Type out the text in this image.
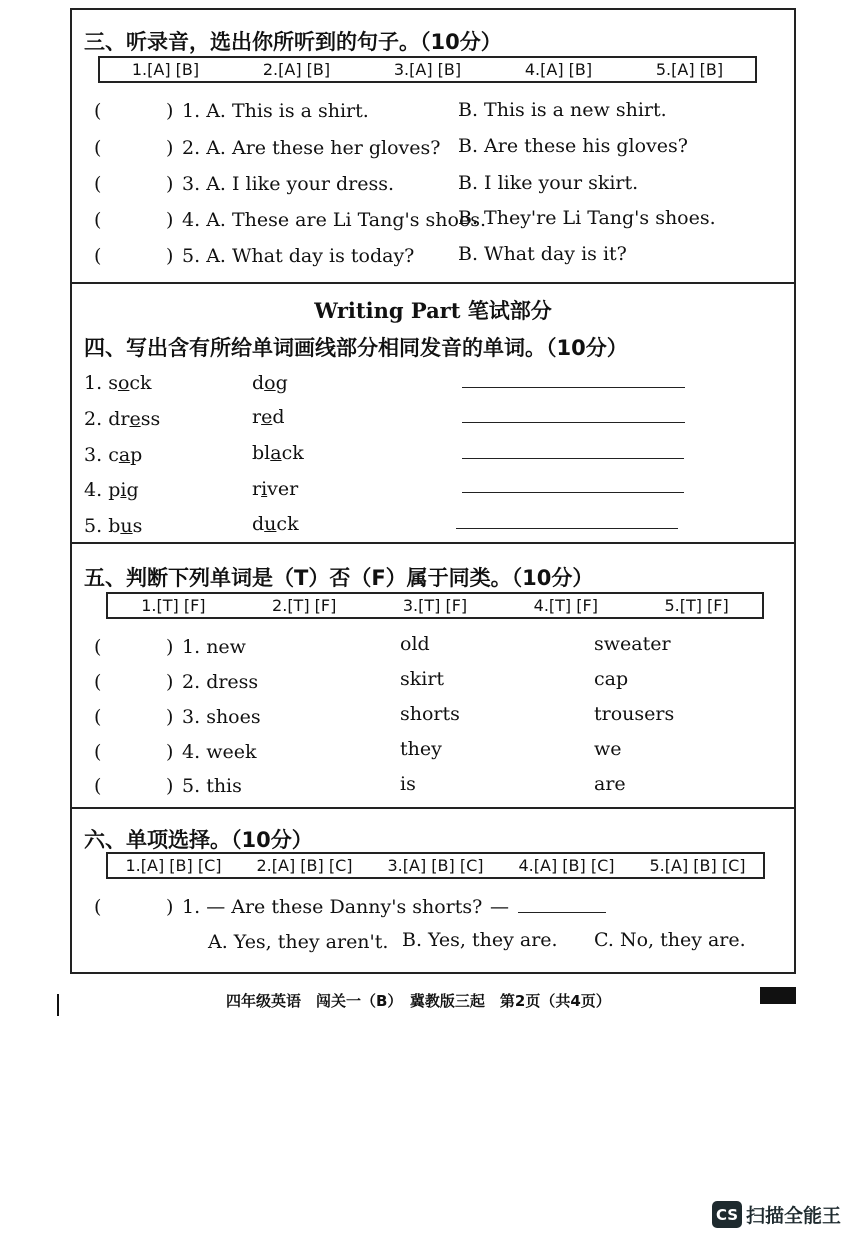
三、听录音，选出你所听到的句子。（10分）
1.[A] [B]	2.[A] [B]	3.[A] [B]	4.[A] [B]	5.[A] [B]
(	) 1. A. This is a shirt.	B. This is a new shirt.
(	) 2. A. Are these her gloves? B. Are these his gloves?
(	) 3. A. I like your dress.	B. I like your skirt.
(	) 4. A. These are Li Tang's shoes.
B. They're Li Tang's shoes.
(	) 5. A. What day is today? B. What day is it?
Writing Part 笔试部分
四、写出含有所给单词画线部分相同发音的单词。（10分）
1. sock	dog
2. dress	red
3. cap	black
4. pig	river
5. bus	duck
五、判断下列单词是（T）否（F）属于同类。（10分）
1.[T] [F]	2.[T] [F]	3.[T] [F]	4.[T] [F]	5.[T] [F]
(	) 1. new	old	sweater
(	) 2. dress	skirt	cap
(	) 3. shoes	shorts	trousers
(	) 4. week	they	we
(	) 5. this	is	are
六、单项选择。（10分）
1.[A] [B] [C] 2.[A] [B] [C] 3.[A] [B] [C] 4.[A] [B] [C] 5.[A] [B] [C]
(	) 1. — Are these Danny's shorts? —
A. Yes, they aren't. B. Yes, they are. C. No, they are.
四年级英语　闯关一（B）　冀教版三起　第2页（共4页）
CS 扫描全能王
